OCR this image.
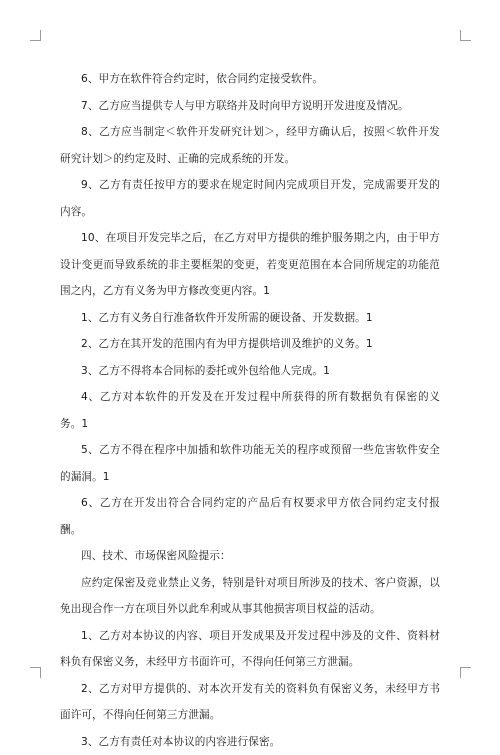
6、甲方在软件符合约定时，依合同约定接受软件。

7、乙方应当提供专人与甲方联络并及时向甲方说明开发进度及情况。

8、乙方应当制定＜软件开发研究计划＞，经甲方确认后，按照＜软件开发研究计划＞的约定及时、正确的完成系统的开发。

9、乙方有责任按甲方的要求在规定时间内完成项目开发，完成需要开发的内容。

10、在项目开发完毕之后，在乙方对甲方提供的维护服务期之内，由于甲方设计变更而导致系统的非主要框架的变更，若变更范围在本合同所规定的功能范围之内，乙方有义务为甲方修改变更内容。1

1、乙方有义务自行准备软件开发所需的硬设备、开发数据。1

2、乙方在其开发的范围内有为甲方提供培训及维护的义务。1

3、乙方不得将本合同标的委托或外包给他人完成。1

4、乙方对本软件的开发及在开发过程中所获得的所有数据负有保密的义务。1

5、乙方不得在程序中加插和软件功能无关的程序或预留一些危害软件安全的漏洞。1

6、乙方在开发出符合合同约定的产品后有权要求甲方依合同约定支付报酬。

四、技术、市场保密风险提示：

应约定保密及竞业禁止义务，特别是针对项目所涉及的技术、客户资源，以免出现合作一方在项目外以此牟利或从事其他损害项目权益的活动。

1、乙方对本协议的内容、项目开发成果及开发过程中涉及的文件、资料材料负有保密义务，未经甲方书面许可，不得向任何第三方泄漏。

2、乙方对甲方提供的、对本次开发有关的资料负有保密义务，未经甲方书面许可，不得向任何第三方泄漏。

3、乙方有责任对本协议的内容进行保密。
